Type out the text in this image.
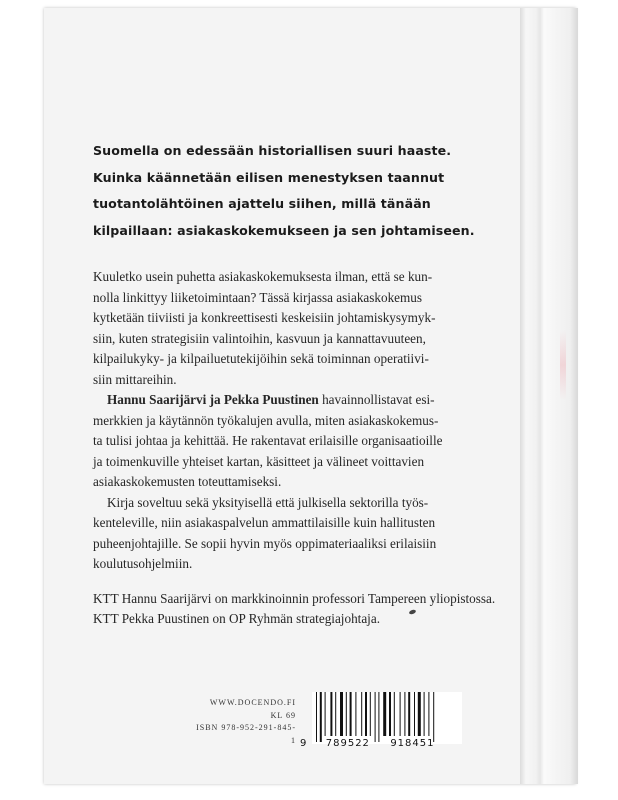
Suomella on edessään historiallisen suuri haaste.
Kuinka käännetään eilisen menestyksen taannut
tuotantolähtöinen ajattelu siihen, millä tänään
kilpaillaan: asiakaskokemukseen ja sen johtamiseen.
Kuuletko usein puhetta asiakaskokemuksesta ilman, että se kun-
nolla linkittyy liiketoimintaan? Tässä kirjassa asiakaskokemus
kytketään tiiviisti ja konkreettisesti keskeisiin johtamiskysymyk-
siin, kuten strategisiin valintoihin, kasvuun ja kannattavuuteen,
kilpailukyky- ja kilpailuetutekijöihin sekä toiminnan operatiivi-
siin mittareihin.
Hannu Saarijärvi ja Pekka Puustinen havainnollistavat esi-
merkkien ja käytännön työkalujen avulla, miten asiakaskokemus-
ta tulisi johtaa ja kehittää. He rakentavat erilaisille organisaatioille
ja toimenkuville yhteiset kartan, käsitteet ja välineet voittavien
asiakaskokemusten toteuttamiseksi.
Kirja soveltuu sekä yksityisellä että julkisella sektorilla työs-
kenteleville, niin asiakaspalvelun ammattilaisille kuin hallitusten
puheenjohtajille. Se sopii hyvin myös oppimateriaaliksi erilaisiin
koulutusohjelmiin.
KTT Hannu Saarijärvi on markkinoinnin professori Tampereen yliopistossa.
KTT Pekka Puustinen on OP Ryhmän strategiajohtaja.
WWW.DOCENDO.FI
KL 69
ISBN 978-952-291-845-1 9 789522 918451
